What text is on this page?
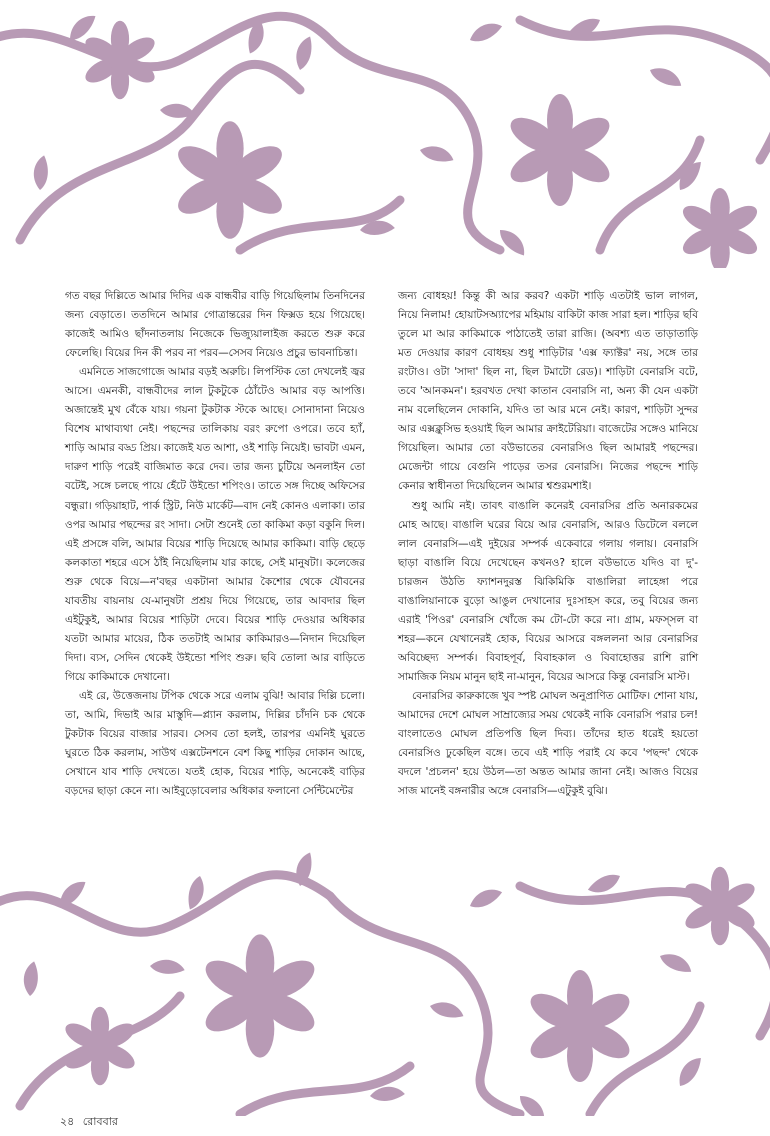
গত বছর দিল্লিতে আমার দিদির এক বান্ধবীর বাড়ি গিয়েছিলাম তিনদিনের জন্য বেড়াতে। ততদিনে আমার গোত্রান্তরের দিন ফিক্সড হয়ে গিয়েছে। কাজেই আমিও ছাঁদনাতলায় নিজেকে ভিজ্যুয়ালাইজ করতে শুরু করে ফেলেছি। বিয়ের দিন কী পরব না পরব—সেসব নিয়েও প্রচুর ভাবনাচিন্তা।

এমনিতে সাজগোজে আমার বড়ই অরুচি। লিপস্টিক তো দেখলেই জ্বর আসে। এমনকী, বান্ধবীদের লাল টুকটুকে ঠোঁটেও আমার বড় আপত্তি। অজান্তেই মুখ বেঁকে যায়। গয়না টুকটাক স্টকে আছে। সোনাদানা নিয়েও বিশেষ মাথাব্যথা নেই। পছন্দের তালিকায় বরং রুপো ওপরে। তবে হ্যাঁ, শাড়ি আমার বড্ড প্রিয়। কাজেই যত আশা, ওই শাড়ি নিয়েই। ভাবটা এমন, দারুণ শাড়ি পরেই বাজিমাত করে দেব। তার জন্য চুটিয়ে অনলাইন তো বটেই, সঙ্গে চলছে পায়ে হেঁটে উইন্ডো শপিংও। তাতে সঙ্গ দিচ্ছে অফিসের বন্ধুরা। গড়িয়াহাট, পার্ক স্ট্রিট, নিউ মার্কেট—বাদ নেই কোনও এলাকা। তার ওপর আমার পছন্দের রং সাদা। সেটা শুনেই তো কাকিমা কড়া বকুনি দিল। এই প্রসঙ্গে বলি, আমার বিয়ের শাড়ি দিয়েছে আমার কাকিমা। বাড়ি ছেড়ে কলকাতা শহরে এসে ঠাঁই নিয়েছিলাম যার কাছে, সেই মানুষটা। কলেজের শুরু থেকে বিয়ে—ন'বছর একটানা আমার কৈশোর থেকে যৌবনের যাবতীয় বায়নায় যে-মানুষটা প্রশ্রয় দিয়ে গিয়েছে, তার আবদার ছিল এইটুকুই, আমার বিয়ের শাড়িটা দেবে। বিয়ের শাড়ি দেওয়ার অধিকার যতটা আমার মায়ের, ঠিক ততটাই আমার কাকিমারও—নিদান দিয়েছিল দিদা। ব্যস, সেদিন থেকেই উইন্ডো শপিং শুরু। ছবি তোলা আর বাড়িতে গিয়ে কাকিমাকে দেখানো।

এই রে, উত্তেজনায় টপিক থেকে সরে এলাম বুঝি! আবার দিল্লি চলো। তা, আমি, দিভাই আর মাস্তুদি—প্ল্যান করলাম, দিল্লির চাঁদনি চক থেকে টুকটাক বিয়ের বাজার সারব। সেসব তো হলই, তারপর এমনিই ঘুরতে ঘুরতে ঠিক করলাম, সাউথ এক্সটেনশনে বেশ কিছু শাড়ির দোকান আছে, সেখানে যাব শাড়ি দেখতে। যতই হোক, বিয়ের শাড়ি, অনেকেই বাড়ির বড়দের ছাড়া কেনে না। আইবুড়োবেলার অধিকার ফলানো সেন্টিমেন্টের

জন্য বোধহয়! কিন্তু কী আর করব? একটা শাড়ি এতটাই ভাল লাগল, নিয়ে নিলাম! হোয়াটসঅ্যাপের মহিমায় বাকিটা কাজ সারা হল। শাড়ির ছবি তুলে মা আর কাকিমাকে পাঠাতেই তারা রাজি। (অবশ্য এত তাড়াতাড়ি মত দেওয়ার কারণ বোধহয় শুধু শাড়িটার 'এক্স ফ্যাক্টর' নয়, সঙ্গে তার রংটাও। ওটা 'সাদা' ছিল না, ছিল টমাটো রেড)। শাড়িটা বেনারসি বটে, তবে 'আনকমন'। হরবখত দেখা কাতান বেনারসি না, অন্য কী যেন একটা নাম বলেছিলেন দোকানি, যদিও তা আর মনে নেই। কারণ, শাড়িটা সুন্দর আর এক্সক্লুসিভ হওয়াই ছিল আমার ক্রাইটেরিয়া। বাজেটের সঙ্গেও মানিয়ে গিয়েছিল। আমার তো বউভাতের বেনারসিও ছিল আমারই পছন্দের। মেজেন্টা গায়ে বেগুনি পাড়ের তসর বেনারসি। নিজের পছন্দে শাড়ি কেনার স্বাধীনতা দিয়েছিলেন আমার শ্বশুরমশাই।

শুধু আমি নই। তাবৎ বাঙালি কনেরই বেনারসির প্রতি অনারকমের মোহ আছে। বাঙালি ঘরের বিয়ে আর বেনারসি, আরও ডিটেলে বললে লাল বেনারসি—এই দুইয়ের সম্পর্ক একেবারে গলায় গলায়। বেনারসি ছাড়া বাঙালি বিয়ে দেখেছেন কখনও? হালে বউভাতে যদিও বা দু'-চারজন উঠতি ফ্যাশনদুরস্ত ঝিকিমিকি বাঙালিরা লাহেঙ্গা পরে বাঙালিয়ানাকে বুড়ো আঙুল দেখানোর দুঃসাহস করে, তবু বিয়ের জন্য এরাই 'পিওর' বেনারসি খোঁজে কম টো-টো করে না। গ্রাম, মফস্সল বা শহর—কনে যেখানেরই হোক, বিয়ের আসরে বঙ্গললনা আর বেনারসির অবিচ্ছেদ্য সম্পর্ক। বিবাহপূর্ব, বিবাহকাল ও বিবাহোত্তর রাশি রাশি সামাজিক নিয়ম মানুন ছাই না-মানুন, বিয়ের আসরে কিন্তু বেনারসি মাস্ট।

বেনারসির কারুকাজে খুব স্পষ্ট মোঘল অনুপ্রাণিত মোটিফ। শোনা যায়, আমাদের দেশে মোঘল সাম্রাজ্যের সময় থেকেই নাকি বেনারসি পরার চল! বাংলাতেও মোঘল প্রতিপত্তি ছিল দিব্য। তাঁদের হাত ধরেই হয়তো বেনারসিও ঢুকেছিল বঙ্গে। তবে এই শাড়ি পরাই যে কবে 'পছন্দ' থেকে বদলে 'প্রচলন' হয়ে উঠল—তা অন্তত আমার জানা নেই। আজও বিয়ের সাজ মানেই বঙ্গনারীর অঙ্গে বেনারসি—এটুকুই বুঝি।

২৪ রোববার
